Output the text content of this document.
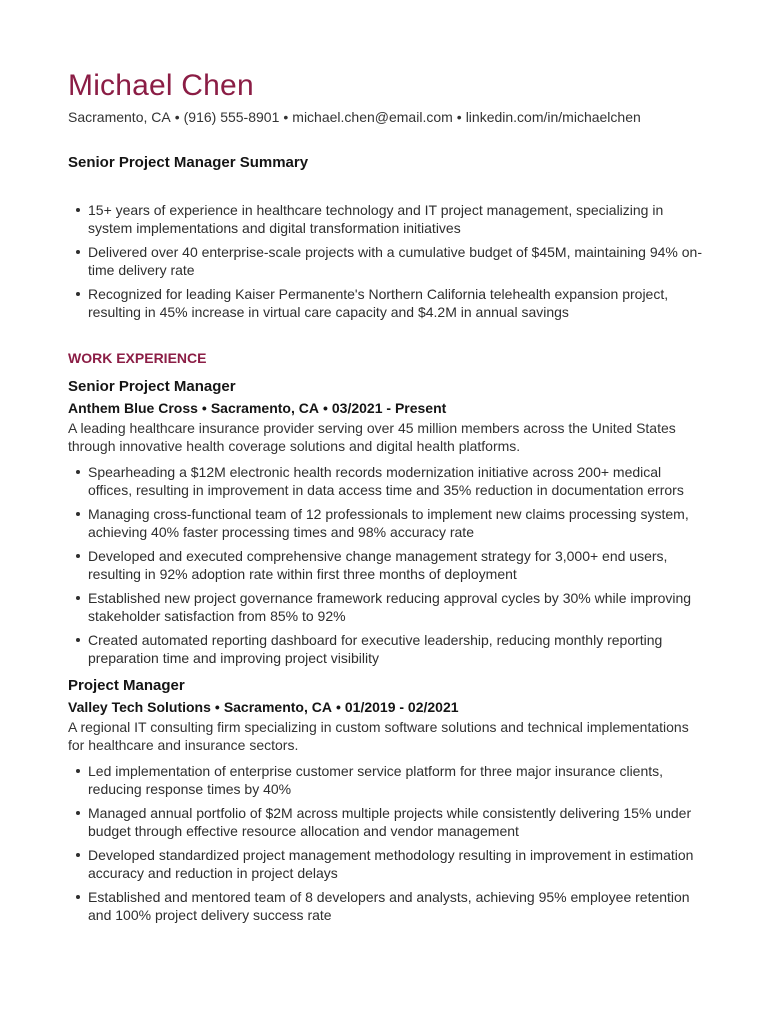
Michael Chen
Sacramento, CA • (916) 555-8901 • michael.chen@email.com • linkedin.com/in/michaelchen
Senior Project Manager Summary
15+ years of experience in healthcare technology and IT project management, specializing in system implementations and digital transformation initiatives
Delivered over 40 enterprise-scale projects with a cumulative budget of $45M, maintaining 94% on-time delivery rate
Recognized for leading Kaiser Permanente's Northern California telehealth expansion project, resulting in 45% increase in virtual care capacity and $4.2M in annual savings
WORK EXPERIENCE
Senior Project Manager
Anthem Blue Cross • Sacramento, CA • 03/2021 - Present
A leading healthcare insurance provider serving over 45 million members across the United States through innovative health coverage solutions and digital health platforms.
Spearheading a $12M electronic health records modernization initiative across 200+ medical offices, resulting in improvement in data access time and 35% reduction in documentation errors
Managing cross-functional team of 12 professionals to implement new claims processing system, achieving 40% faster processing times and 98% accuracy rate
Developed and executed comprehensive change management strategy for 3,000+ end users, resulting in 92% adoption rate within first three months of deployment
Established new project governance framework reducing approval cycles by 30% while improving stakeholder satisfaction from 85% to 92%
Created automated reporting dashboard for executive leadership, reducing monthly reporting preparation time and improving project visibility
Project Manager
Valley Tech Solutions • Sacramento, CA • 01/2019 - 02/2021
A regional IT consulting firm specializing in custom software solutions and technical implementations for healthcare and insurance sectors.
Led implementation of enterprise customer service platform for three major insurance clients, reducing response times by 40%
Managed annual portfolio of $2M across multiple projects while consistently delivering 15% under budget through effective resource allocation and vendor management
Developed standardized project management methodology resulting in improvement in estimation accuracy and reduction in project delays
Established and mentored team of 8 developers and analysts, achieving 95% employee retention and 100% project delivery success rate
